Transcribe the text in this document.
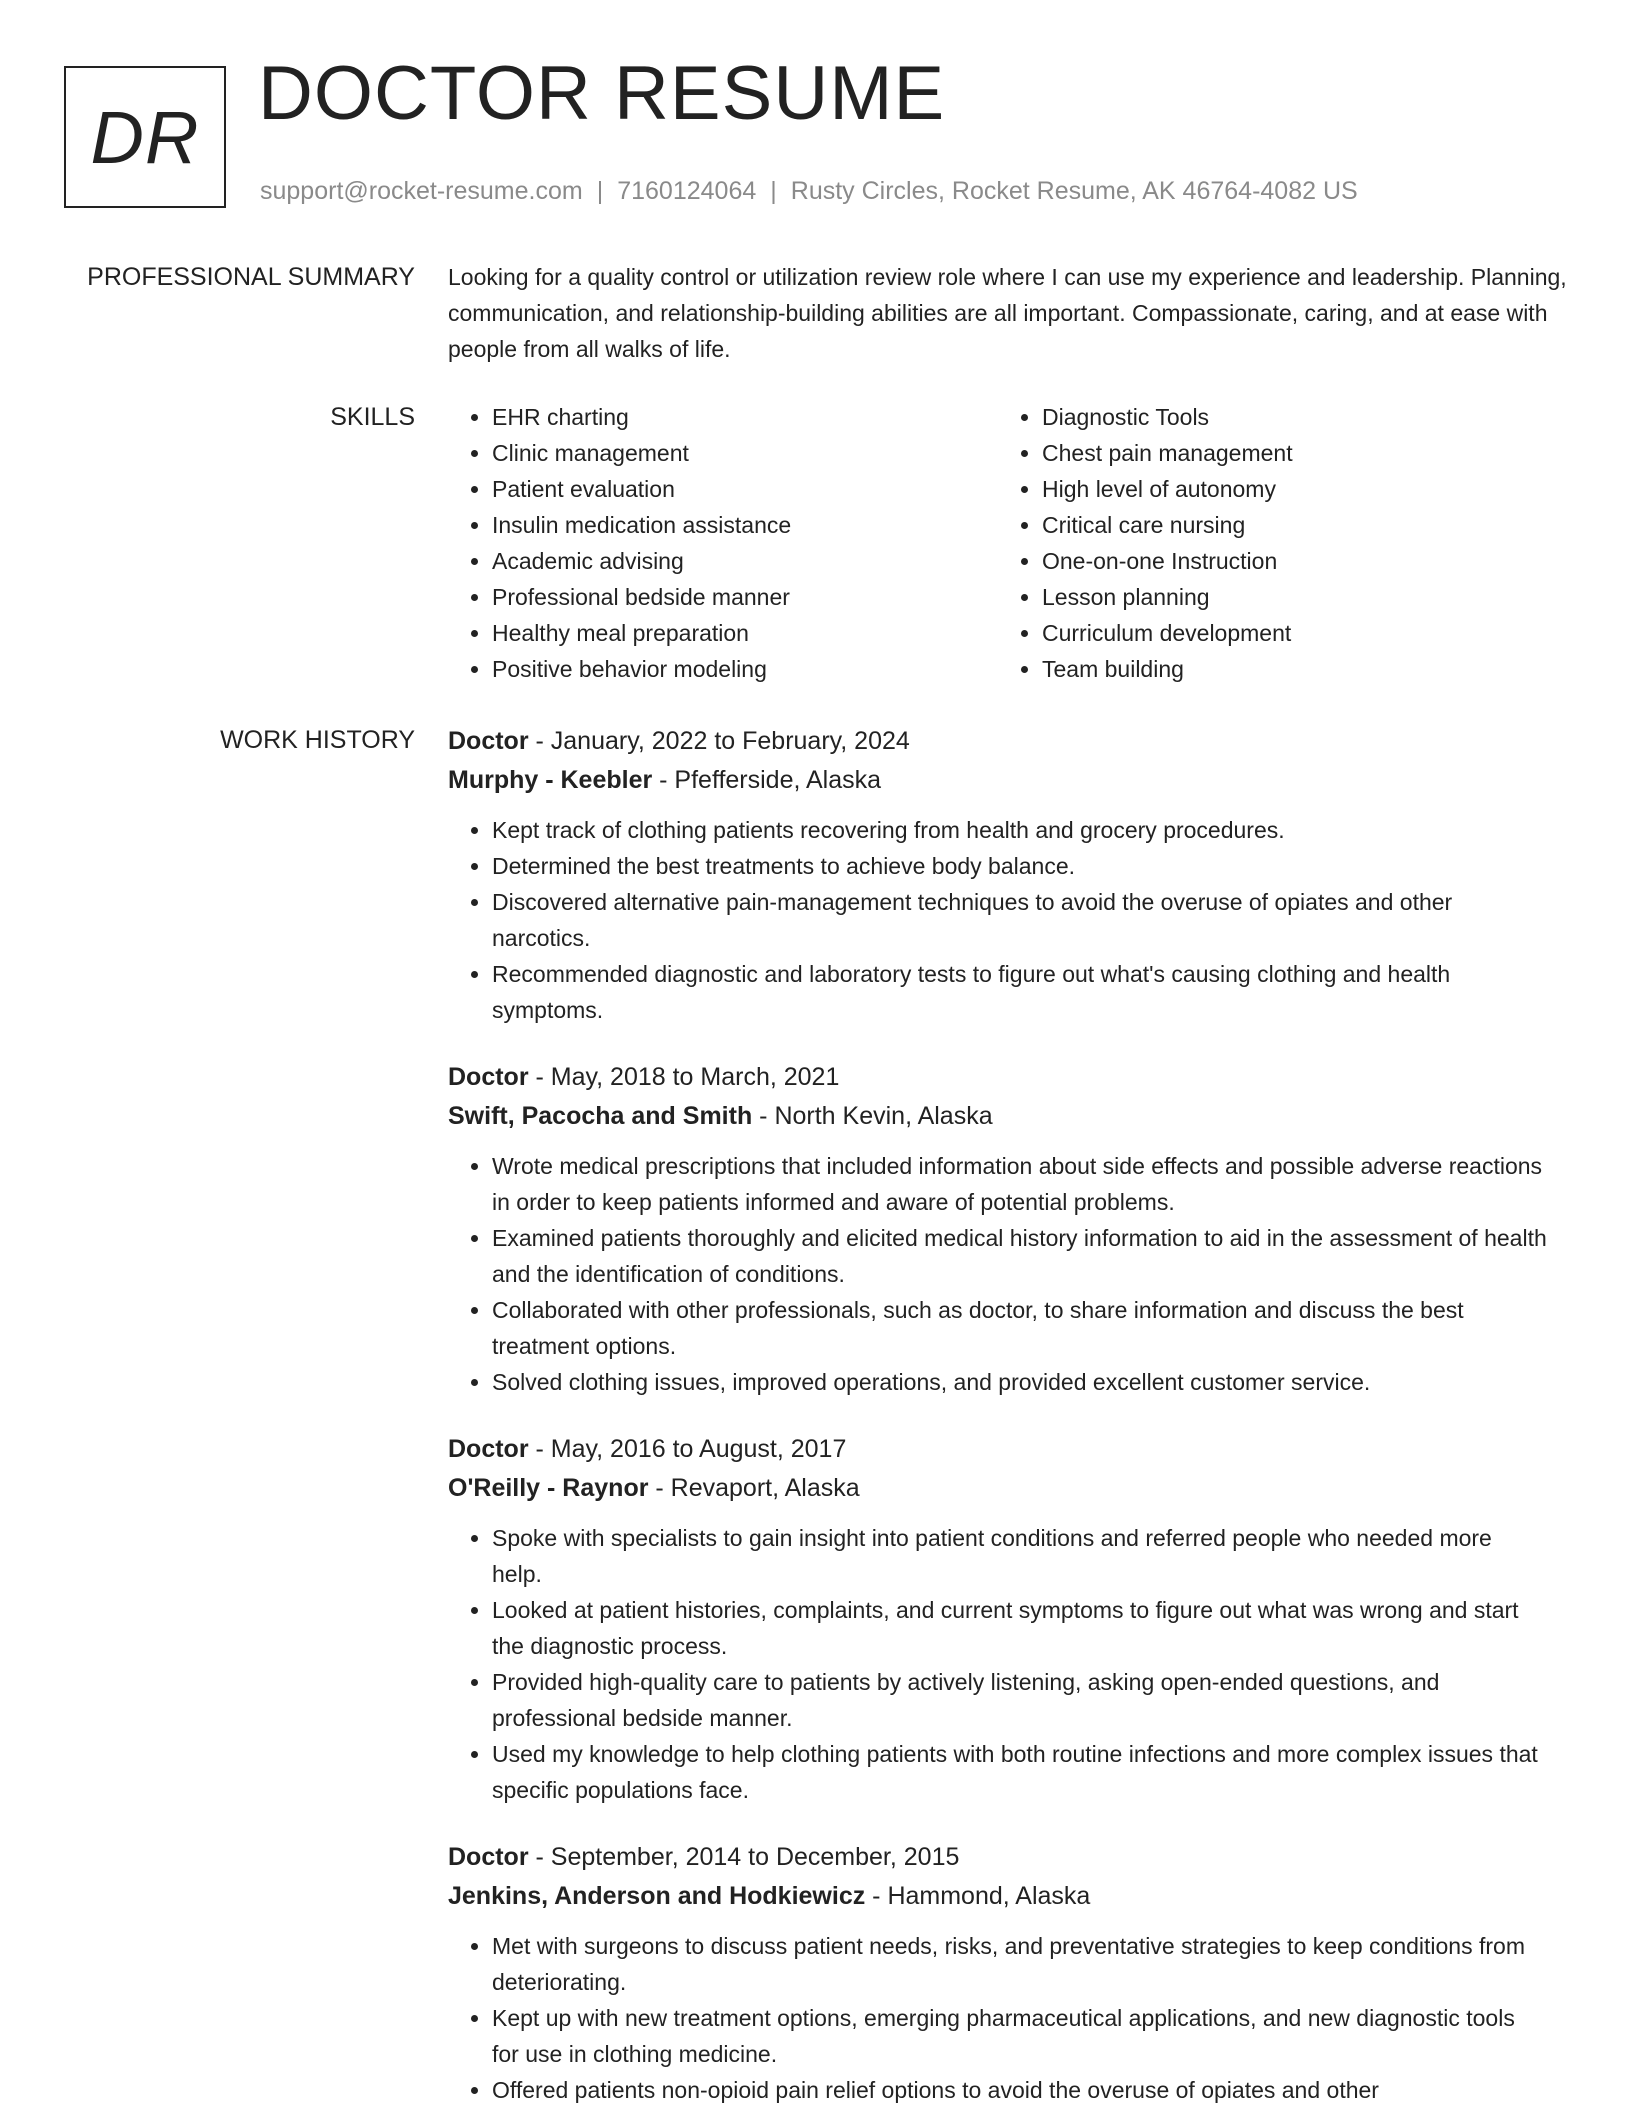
DR
DOCTOR RESUME
support@rocket-resume.com | 7160124064 | Rusty Circles, Rocket Resume, AK 46764-4082 US
PROFESSIONAL SUMMARY Looking for a quality control or utilization review role where I can use my experience and leadership. Planning, communication, and relationship-building abilities are all important. Compassionate, caring, and at ease with people from all walks of life.

SKILLS
•	EHR charting
• Clinic management
• Patient evaluation
• Insulin medication assistance
• Academic advising
• Professional bedside manner
• Healthy meal preparation
• Positive behavior modeling
• Diagnostic Tools
• Chest pain management
• High level of autonomy
• Critical care nursing
• One-on-one Instruction
• Lesson planning
• Curriculum development
• Team building
WORK HISTORY Doctor - January, 2022 to February, 2024
Murphy - Keebler - Pfefferside, Alaska
• Kept track of clothing patients recovering from health and grocery procedures.
• Determined the best treatments to achieve body balance.
• Discovered alternative pain-management techniques to avoid the overuse of opiates and other narcotics.
• Recommended diagnostic and laboratory tests to figure out what's causing clothing and health symptoms.
Doctor - May, 2018 to March, 2021
Swift, Pacocha and Smith - North Kevin, Alaska
• Wrote medical prescriptions that included information about side effects and possible adverse reactions in order to keep patients informed and aware of potential problems.
• Examined patients thoroughly and elicited medical history information to aid in the assessment of health and the identification of conditions.
• Collaborated with other professionals, such as doctor, to share information and discuss the best treatment options.
• Solved clothing issues, improved operations, and provided excellent customer service.
Doctor - May, 2016 to August, 2017
O'Reilly - Raynor - Revaport, Alaska
• Spoke with specialists to gain insight into patient conditions and referred people who needed more help.
• Looked at patient histories, complaints, and current symptoms to figure out what was wrong and start the diagnostic process.
• Provided high-quality care to patients by actively listening, asking open-ended questions, and professional bedside manner.
• Used my knowledge to help clothing patients with both routine infections and more complex issues that specific populations face.
Doctor - September, 2014 to December, 2015
Jenkins, Anderson and Hodkiewicz - Hammond, Alaska
• Met with surgeons to discuss patient needs, risks, and preventative strategies to keep conditions from deteriorating.
• Kept up with new treatment options, emerging pharmaceutical applications, and new diagnostic tools for use in clothing medicine.
• Offered patients non-opioid pain relief options to avoid the overuse of opiates and other
